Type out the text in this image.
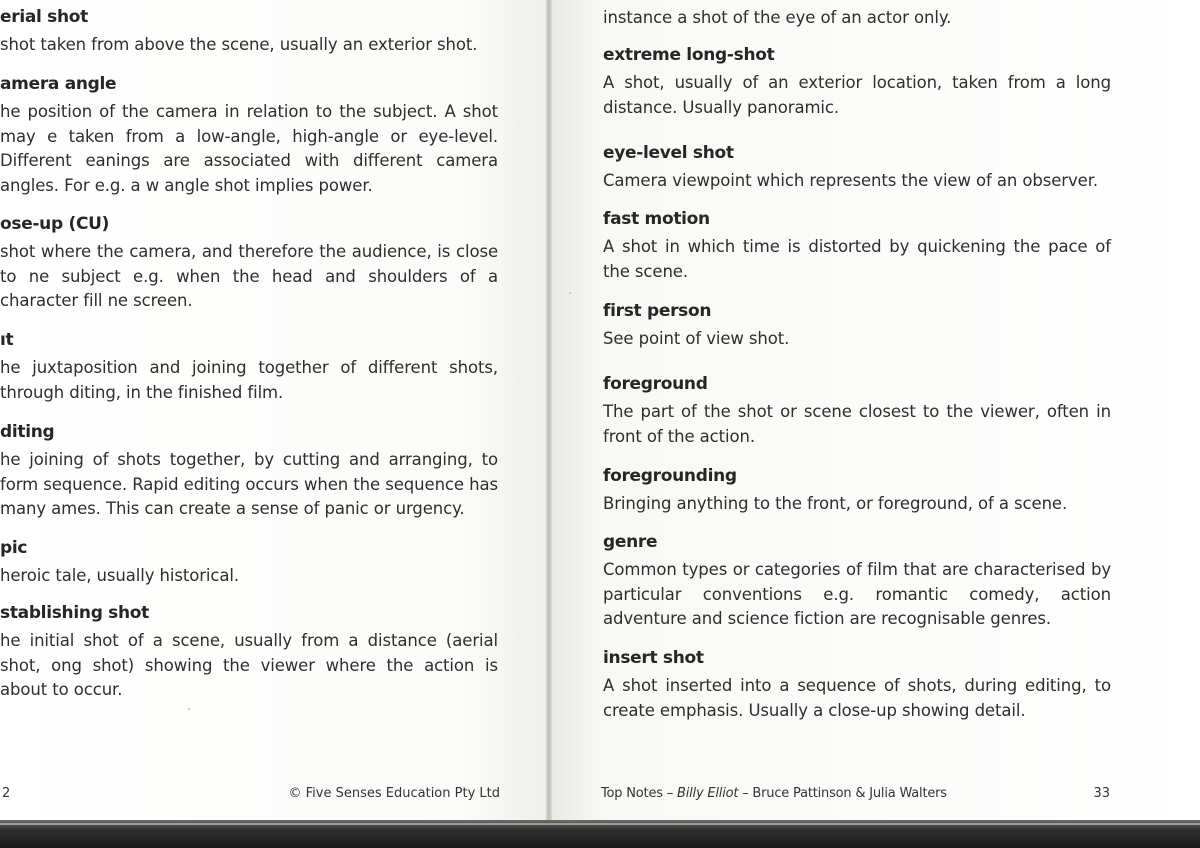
erial shot

shot taken from above the scene, usually an exterior shot.

amera angle

he position of the camera in relation to the subject. A shot may e taken from a low-angle, high-angle or eye-level. Different eanings are associated with different camera angles. For e.g. a w angle shot implies power.

ose-up (CU)

shot where the camera, and therefore the audience, is close to ne subject e.g. when the head and shoulders of a character fill ne screen.

ıt

he juxtaposition and joining together of different shots, through diting, in the finished film.

diting

he joining of shots together, by cutting and arranging, to form sequence. Rapid editing occurs when the sequence has many ames. This can create a sense of panic or urgency.

pic

heroic tale, usually historical.

stablishing shot

he initial shot of a scene, usually from a distance (aerial shot, ong shot) showing the viewer where the action is about to occur.

2	© Five Senses Education Pty Ltd

instance a shot of the eye of an actor only.

extreme long-shot

A shot, usually of an exterior location, taken from a long distance. Usually panoramic.

eye-level shot

Camera viewpoint which represents the view of an observer.

fast motion

A shot in which time is distorted by quickening the pace of the scene.

first person

See point of view shot.

foreground

The part of the shot or scene closest to the viewer, often in front of the action.

foregrounding

Bringing anything to the front, or foreground, of a scene.

genre

Common types or categories of film that are characterised by particular conventions e.g. romantic comedy, action adventure and science fiction are recognisable genres.

insert shot

A shot inserted into a sequence of shots, during editing, to create emphasis. Usually a close-up showing detail.

Top Notes – Billy Elliot – Bruce Pattinson & Julia Walters	33
